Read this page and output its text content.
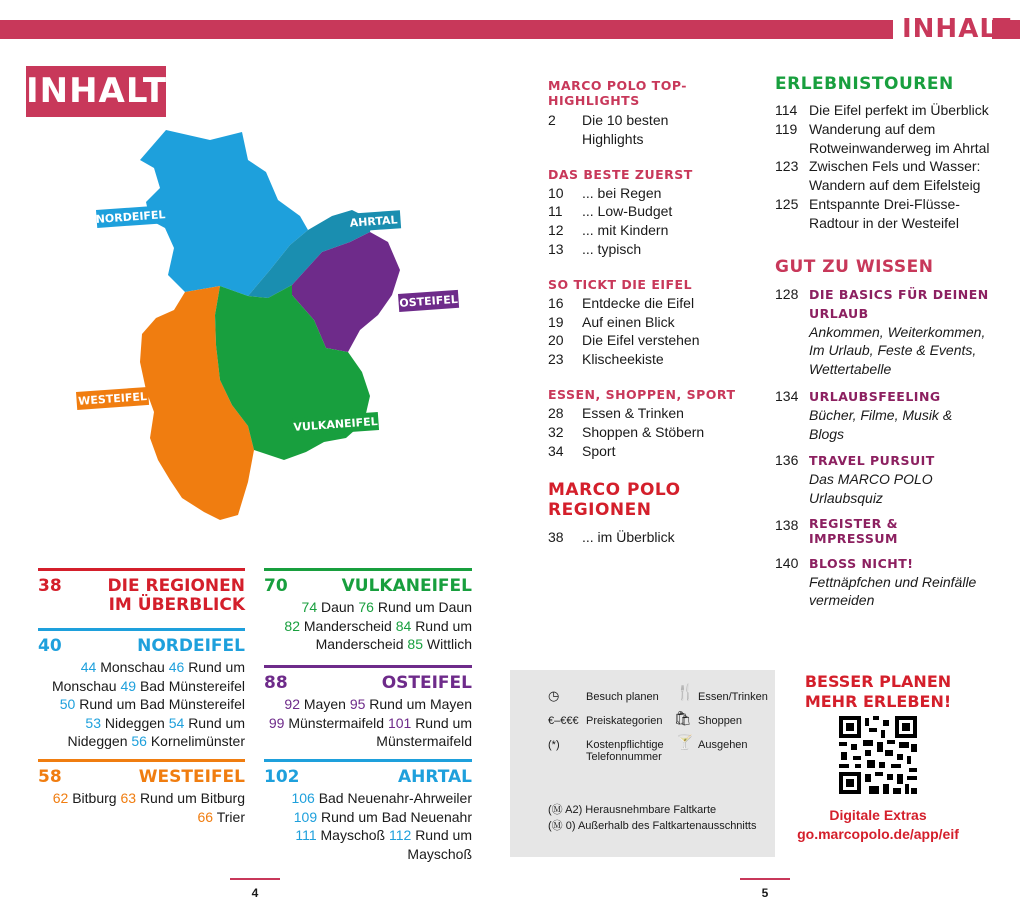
INHALT
INHALT
NORDEIFEL	AHRTAL
OSTEIFEL
WESTEIFEL
VULKANEIFEL
38	DIE REGIONEN IM ÜBERBLICK
40	NORDEIFEL
44 Monschau 46 Rund um
Monschau 49 Bad Münstereifel
50 Rund um Bad Münstereifel
53 Nideggen 54 Rund um
Nideggen 56 Kornelimünster
58	WESTEIFEL
62 Bitburg 63 Rund um Bitburg
66 Trier
70	VULKANEIFEL
74 Daun 76 Rund um Daun
82 Manderscheid 84 Rund um
Manderscheid 85 Wittlich
88	OSTEIFEL
92 Mayen 95 Rund um Mayen
99 Münstermaifeld 101 Rund um
Münstermaifeld
102	AHRTAL
106 Bad Neuenahr-Ahrweiler
109 Rund um Bad Neuenahr
111 Mayschoß 112 Rund um
Mayschoß
MARCO POLO TOP-HIGHLIGHTS
2	Die 10 besten
Highlights
DAS BESTE ZUERST
10	... bei Regen
11	... Low-Budget
12	... mit Kindern
13	... typisch
SO TICKT DIE EIFEL
16	Entdecke die Eifel
19	Auf einen Blick
20	Die Eifel verstehen
23	Klischeekiste
ESSEN, SHOPPEN, SPORT
28	Essen & Trinken
32	Shoppen & Stöbern
34	Sport
MARCO POLO REGIONEN
38	... im Überblick
ERLEBNISTOUREN
114 Die Eifel perfekt im Überblick
119 Wanderung auf dem
Rotweinwanderweg im Ahrtal
123 Zwischen Fels und Wasser:
Wandern auf dem Eifelsteig
125 Entspannte Drei-Flüsse-
Radtour in der Westeifel
GUT ZU WISSEN
128 DIE BASICS FÜR DEINEN
URLAUB
Ankommen, Weiterkommen,
Im Urlaub, Feste & Events,
Wettertabelle
134 URLAUBSFEELING
Bücher, Filme, Musik & Blogs
136 TRAVEL PURSUIT
Das MARCO POLO Urlaubsquiz
138 REGISTER & IMPRESSUM
140 BLOSS NICHT!
Fettnäpfchen und Reinfälle
vermeiden
◷ Besuch planen 🍴 Essen/Trinken
€–€€€ Preiskategorien 🛍 Shoppen
(*) Kostenpflichtige
Telefonnummer
🍸 Ausgehen
(Ⓜ A2) Herausnehmbare Faltkarte
(Ⓜ 0) Außerhalb des Faltkartenausschnitts
BESSER PLANEN
MEHR ERLEBEN!
Digitale Extras
go.marcopolo.de/app/eif
4	5
